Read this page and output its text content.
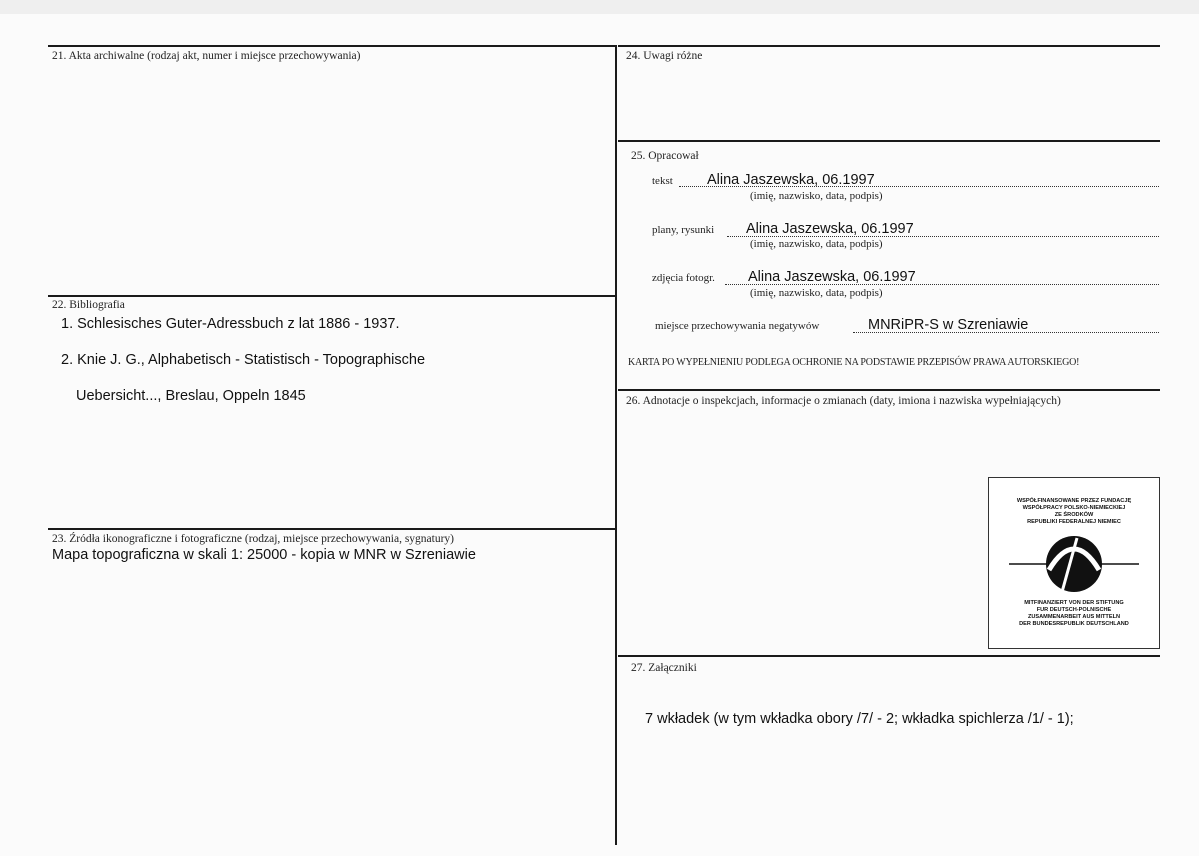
21. Akta archiwalne (rodzaj akt, numer i miejsce przechowywania)
22. Bibliografia
1. Schlesisches Guter-Adressbuch z lat 1886 - 1937.
2. Knie J. G., Alphabetisch - Statistisch - Topographische
Uebersicht..., Breslau, Oppeln 1845
23. Źródła ikonograficzne i fotograficzne (rodzaj, miejsce przechowywania, sygnatury)
Mapa topograficzna w skali 1: 25000 - kopia w MNR w Szreniawie
24. Uwagi różne
25. Opracował
tekst Alina Jaszewska, 06.1997
(imię, nazwisko, data, podpis)
plany, rysunki Alina Jaszewska, 06.1997
(imię, nazwisko, data, podpis)
zdjęcia fotogr. Alina Jaszewska, 06.1997
(imię, nazwisko, data, podpis)
miejsce przechowywania negatywów	MNRiPR-S w Szreniawie
KARTA PO WYPEŁNIENIU PODLEGA OCHRONIE NA PODSTAWIE PRZEPISÓW PRAWA AUTORSKIEGO!
26. Adnotacje o inspekcjach, informacje o zmianach (daty, imiona i nazwiska wypełniających)
WSPÓŁFINANSOWANE PRZEZ FUNDACJĘ
WSPÓŁPRACY POLSKO-NIEMIECKIEJ
ZE ŚRODKÓW
REPUBLIKI FEDERALNEJ NIEMIEC
MITFINANZIERT VON DER STIFTUNG
FUR DEUTSCH-POLNISCHE
ZUSAMMENARBEIT AUS MITTELN
DER BUNDESREPUBLIK DEUTSCHLAND
27. Załączniki
7 wkładek (w tym wkładka obory /7/ - 2; wkładka spichlerza /1/ - 1);
